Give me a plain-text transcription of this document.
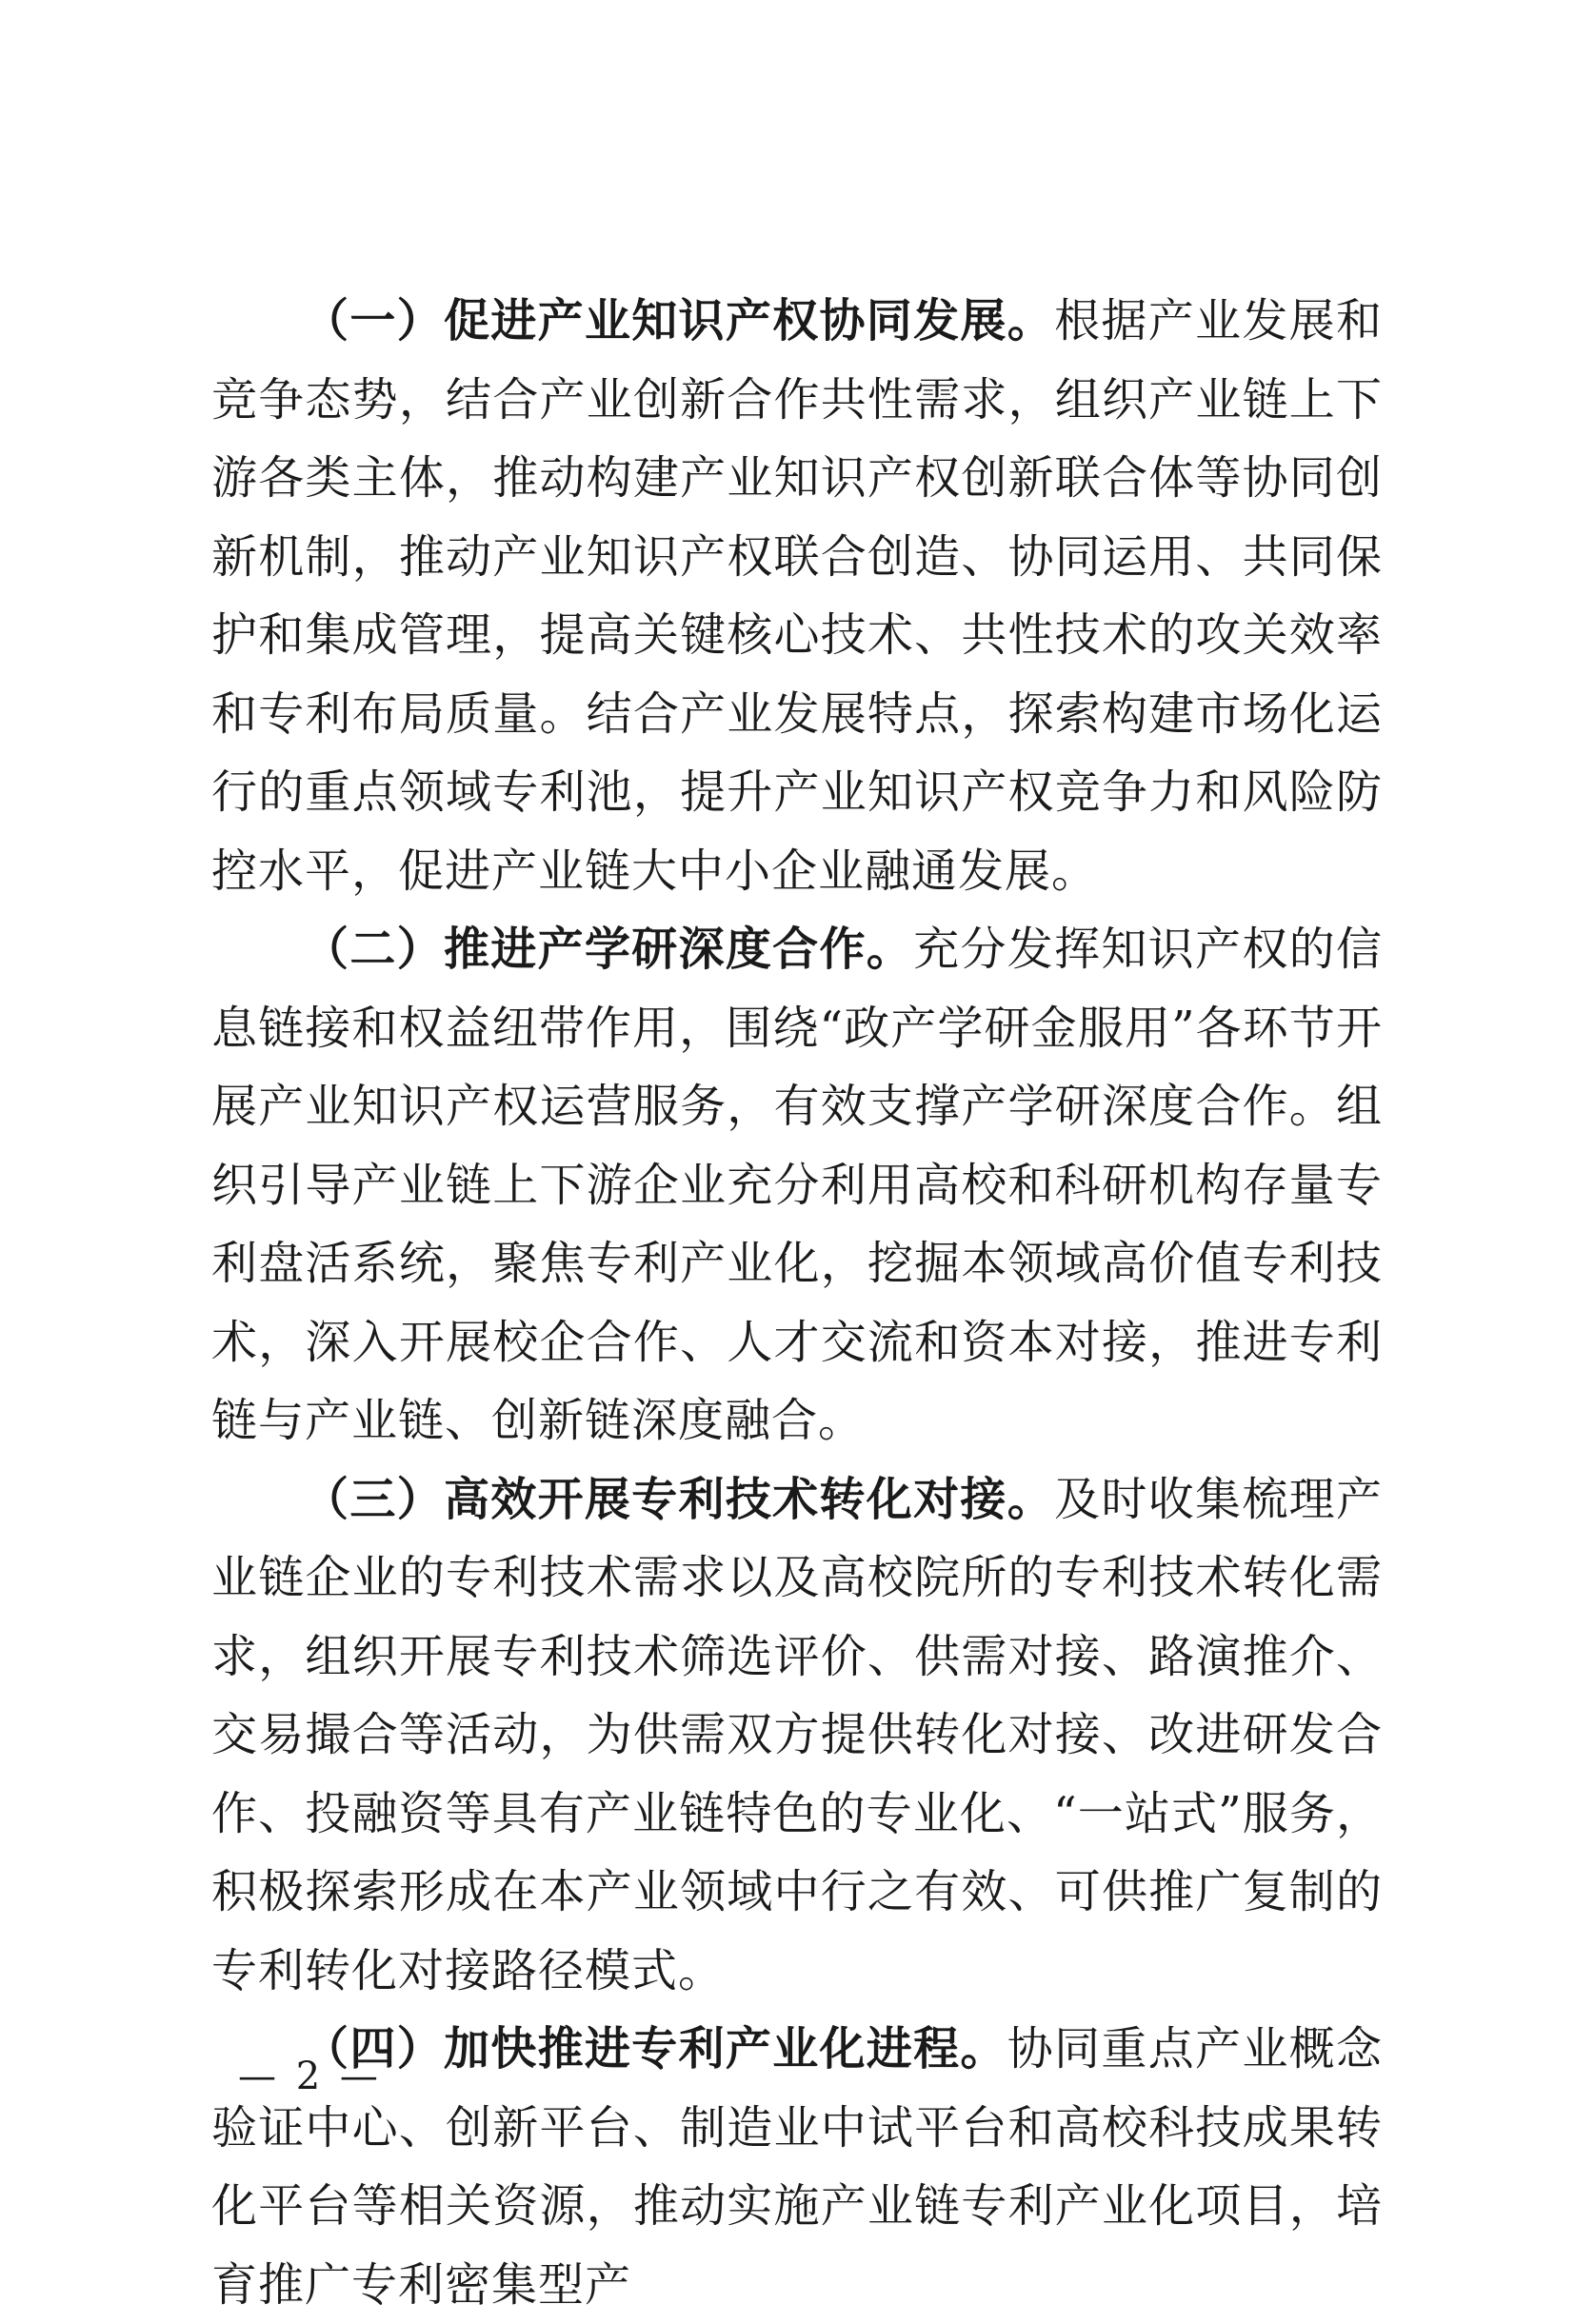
（一）促进产业知识产权协同发展。根据产业发展和竞争态势，结合产业创新合作共性需求，组织产业链上下游各类主体，推动构建产业知识产权创新联合体等协同创新机制，推动产业知识产权联合创造、协同运用、共同保护和集成管理，提高关键核心技术、共性技术的攻关效率和专利布局质量。结合产业发展特点，探索构建市场化运行的重点领域专利池，提升产业知识产权竞争力和风险防控水平，促进产业链大中小企业融通发展。

（二）推进产学研深度合作。充分发挥知识产权的信息链接和权益纽带作用，围绕“政产学研金服用”各环节开展产业知识产权运营服务，有效支撑产学研深度合作。组织引导产业链上下游企业充分利用高校和科研机构存量专利盘活系统，聚焦专利产业化，挖掘本领域高价值专利技术，深入开展校企合作、人才交流和资本对接，推进专利链与产业链、创新链深度融合。

（三）高效开展专利技术转化对接。及时收集梳理产业链企业的专利技术需求以及高校院所的专利技术转化需求，组织开展专利技术筛选评价、供需对接、路演推介、交易撮合等活动，为供需双方提供转化对接、改进研发合作、投融资等具有产业链特色的专业化、“一站式”服务，积极探索形成在本产业领域中行之有效、可供推广复制的专利转化对接路径模式。

（四）加快推进专利产业化进程。协同重点产业概念验证中心、创新平台、制造业中试平台和高校科技成果转化平台等相关资源，推动实施产业链专利产业化项目，培育推广专利密集型产

— 2 —
